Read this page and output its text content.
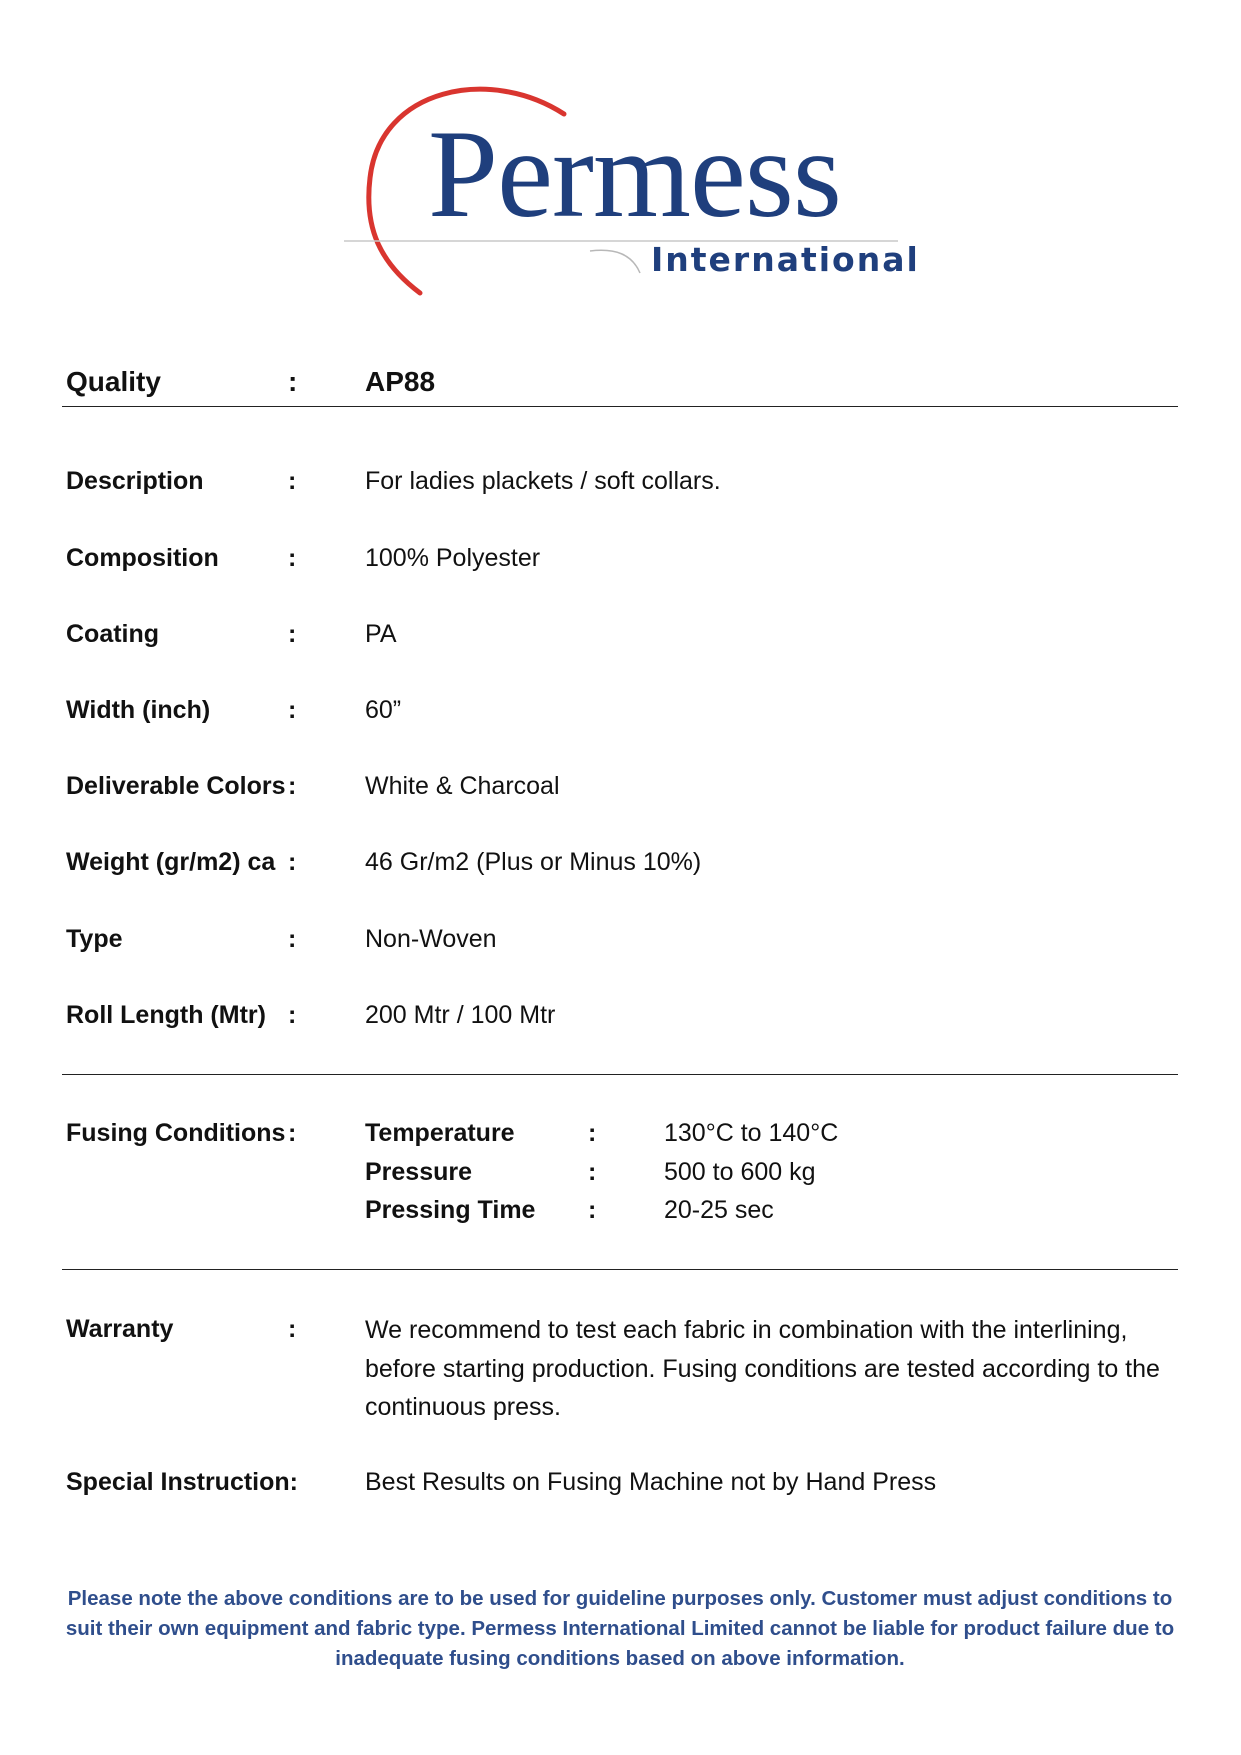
Permess
International
Quality	: AP88
Description	:	For ladies plackets / soft collars.
Composition	:	100% Polyester
Coating	:	PA
Width (inch)	:	60”
Deliverable Colors :	White & Charcoal
Weight (gr/m2) ca :	46 Gr/m2 (Plus or Minus 10%)
Type	:	Non-Woven
Roll Length (Mtr) :	200 Mtr / 100 Mtr
Fusing Conditions :	Temperature	:	130°C to 140°C
Pressure	:	500 to 600 kg
Pressing Time :	20-25 sec
Warranty	:	We recommend to test each fabric in combination with the interlining, before starting production. Fusing conditions are tested according to the continuous press.
Special Instruction:	Best Results on Fusing Machine not by Hand Press
Please note the above conditions are to be used for guideline purposes only. Customer must adjust conditions to suit their own equipment and fabric type. Permess International Limited cannot be liable for product failure due to inadequate fusing conditions based on above information.
